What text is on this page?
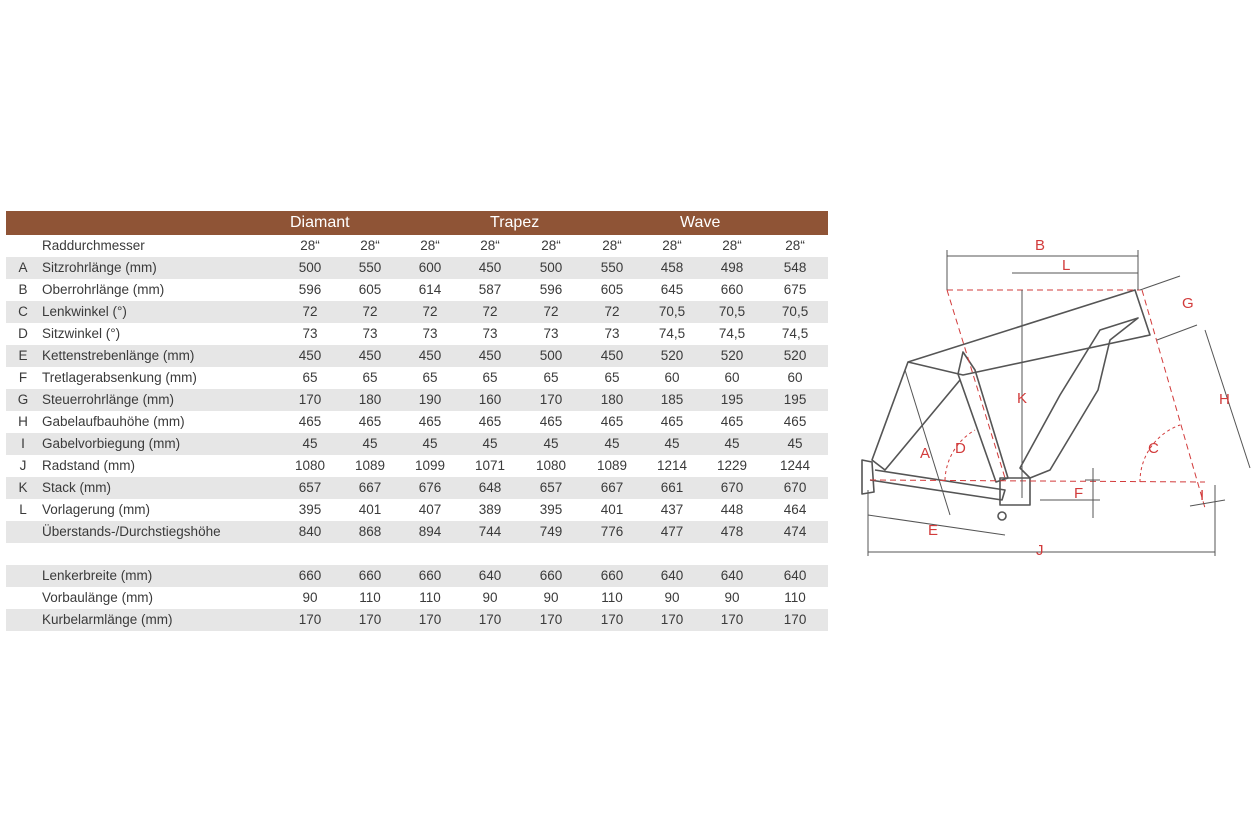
		Diamant			Trapez			Wave		
	Raddurchmesser	28“	28“	28“	28“	28“	28“	28“	28“	28“
A	Sitzrohrlänge (mm)	500	550	600	450	500	550	458	498	548
B	Oberrohrlänge (mm)	596	605	614	587	596	605	645	660	675
C	Lenkwinkel (°)	72	72	72	72	72	72	70,5	70,5	70,5
D	Sitzwinkel (°)	73	73	73	73	73	73	74,5	74,5	74,5
E	Kettenstrebenlänge (mm)	450	450	450	450	500	450	520	520	520
F	Tretlagerabsenkung (mm)	65	65	65	65	65	65	60	60	60
G	Steuerrohrlänge (mm)	170	180	190	160	170	180	185	195	195
H	Gabelaufbauhöhe (mm)	465	465	465	465	465	465	465	465	465
I	Gabelvorbiegung (mm)	45	45	45	45	45	45	45	45	45
J	Radstand (mm)	1080	1089	1099	1071	1080	1089	1214	1229	1244
K	Stack (mm)	657	667	676	648	657	667	661	670	670
L	Vorlagerung (mm)	395	401	407	389	395	401	437	448	464
	Überstands-/Durchstiegshöhe	840	868	894	744	749	776	477	478	474

	Lenkerbreite (mm)	660	660	660	640	660	660	640	640	640
	Vorbaulänge (mm)	90	110	110	90	90	110	90	90	110
	Kurbelarmlänge (mm)	170	170	170	170	170	170	170	170	170
B
L
G
K	H
D	C
A
F	I
E
J
